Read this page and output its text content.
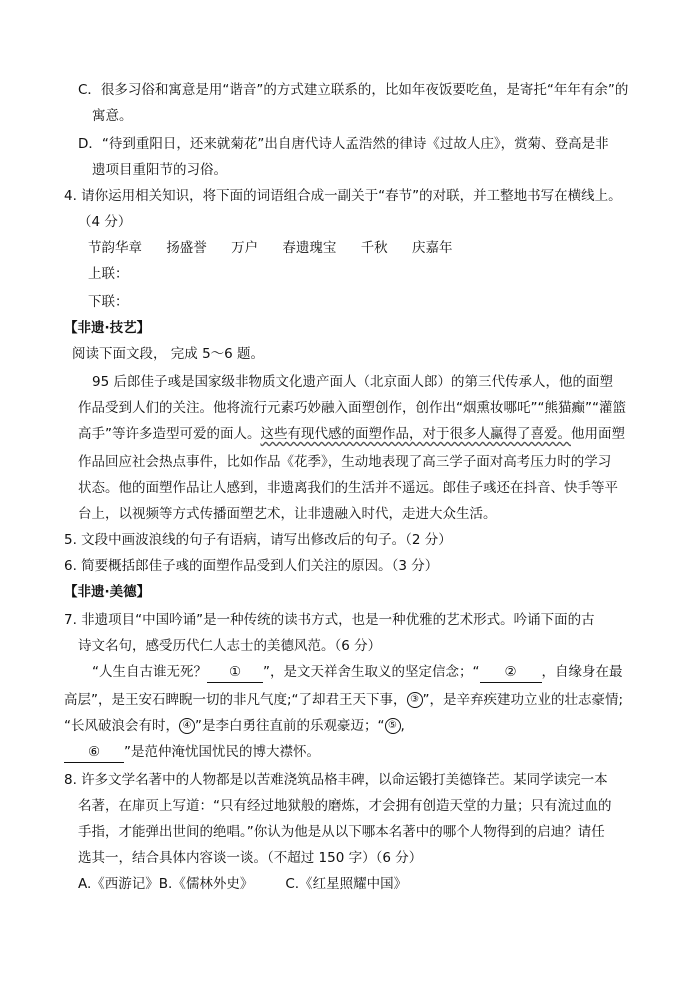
C．很多习俗和寓意是用“谐音”的方式建立联系的，比如年夜饭要吃鱼，是寄托“年年有余”的
寓意。
D．“待到重阳日，还来就菊花”出自唐代诗人孟浩然的律诗《过故人庄》，赏菊、登高是非
遗项目重阳节的习俗。
4. 请你运用相关知识，将下面的词语组合成一副关于“春节”的对联，并工整地书写在横线上。
（4 分）
节韵华章 扬盛誉 万户 春遗瑰宝 千秋 庆嘉年
上联：
下联：
【非遗·技艺】
阅读下面文段， 完成 5～6 题。
95 后郎佳子彧是国家级非物质文化遗产面人（北京面人郎）的第三代传承人，他的面塑
作品受到人们的关注。他将流行元素巧妙融入面塑创作，创作出“烟熏妆哪吒”“熊猫癫”“灌篮
高手”等许多造型可爱的面人。这些有现代感的面塑作品，对于很多人赢得了喜爱。他用面塑
作品回应社会热点事件，比如作品《花季》，生动地表现了高三学子面对高考压力时的学习
状态。他的面塑作品让人感到，非遗离我们的生活并不遥远。郎佳子彧还在抖音、快手等平
台上，以视频等方式传播面塑艺术，让非遗融入时代，走进大众生活。
5. 文段中画波浪线的句子有语病，请写出修改后的句子。（2 分）
6. 简要概括郎佳子彧的面塑作品受到人们关注的原因。（3 分）
【非遗·美德】
7. 非遗项目“中国吟诵”是一种传统的读书方式，也是一种优雅的艺术形式。吟诵下面的古
诗文名句，感受历代仁人志士的美德风范。（6 分）
“人生自古谁无死？ ① ”，是文天祥舍生取义的坚定信念；“ ② ，自缘身在最
高层”，是王安石睥睨一切的非凡气度;“了却君王天下事， ③ ”，是辛弃疾建功立业的壮志豪情;
“长风破浪会有时， ④ ”是李白勇往直前的乐观豪迈；“ ⑤ ,
⑥ ”是范仲淹忧国忧民的博大襟怀。
8. 许多文学名著中的人物都是以苦难浇筑品格丰碑，以命运锻打美德锋芒。某同学读完一本
名著，在扉页上写道：“只有经过地狱般的磨炼，才会拥有创造天堂的力量；只有流过血的
手指，才能弹出世间的绝唱。”你认为他是从以下哪本名著中的哪个人物得到的启迪？请任
选其一，结合具体内容谈一谈。（不超过 150 字）（6 分）
A.《西游记》B.《儒林外史》 C.《红星照耀中国》
